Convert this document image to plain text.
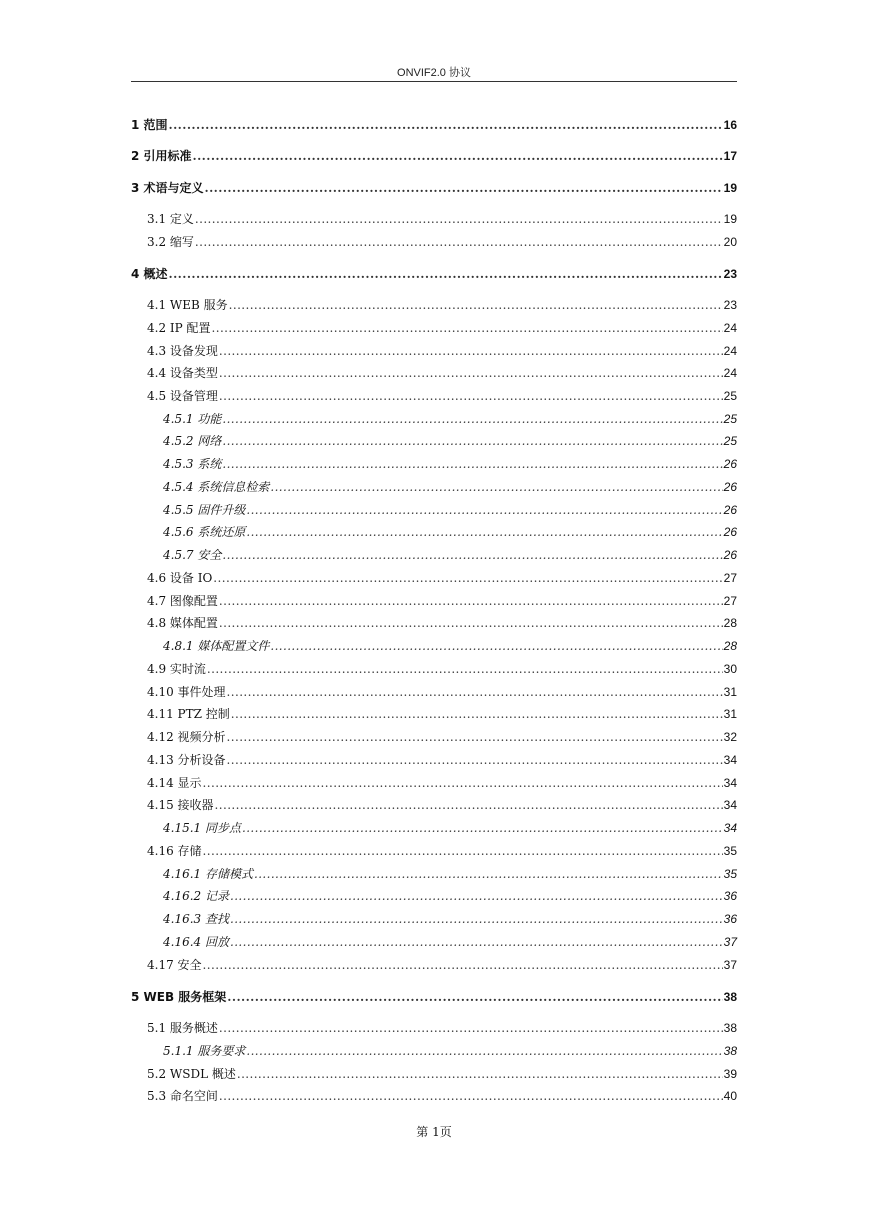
ONVIF2.0 协议
1 范围 .....	16
2 引用标准 .....	17
3 术语与定义 .....	19
3.1 定义 .....	19
3.2 缩写 .....	20
4 概述 .....	23
4.1 WEB 服务 .....	23
4.2 IP 配置 .....	24
4.3 设备发现 .....	24
4.4 设备类型 .....	24
4.5 设备管理 .....	25
4.5.1 功能 .....	25
4.5.2 网络 .....	25
4.5.3 系统 .....	26
4.5.4 系统信息检索 .....	26
4.5.5 固件升级 .....	26
4.5.6 系统还原 .....	26
4.5.7 安全 .....	26
4.6 设备 IO .....	27
4.7 图像配置 .....	27
4.8 媒体配置 .....	28
4.8.1 媒体配置文件 .....	28
4.9 实时流 .....	30
4.10 事件处理 .....	31
4.11 PTZ 控制 .....	31
4.12 视频分析 .....	32
4.13 分析设备 .....	34
4.14 显示 .....	34
4.15 接收器 .....	34
4.15.1 同步点 .....	34
4.16 存储 .....	35
4.16.1 存储模式 .....	35
4.16.2 记录 .....	36
4.16.3 查找 .....	36
4.16.4 回放 .....	37
4.17 安全 .....	37
5 WEB 服务框架 .....	38
5.1 服务概述 .....	38
5.1.1 服务要求 .....	38
5.2 WSDL 概述 .....	39
5.3 命名空间 .....	40
第 1页
